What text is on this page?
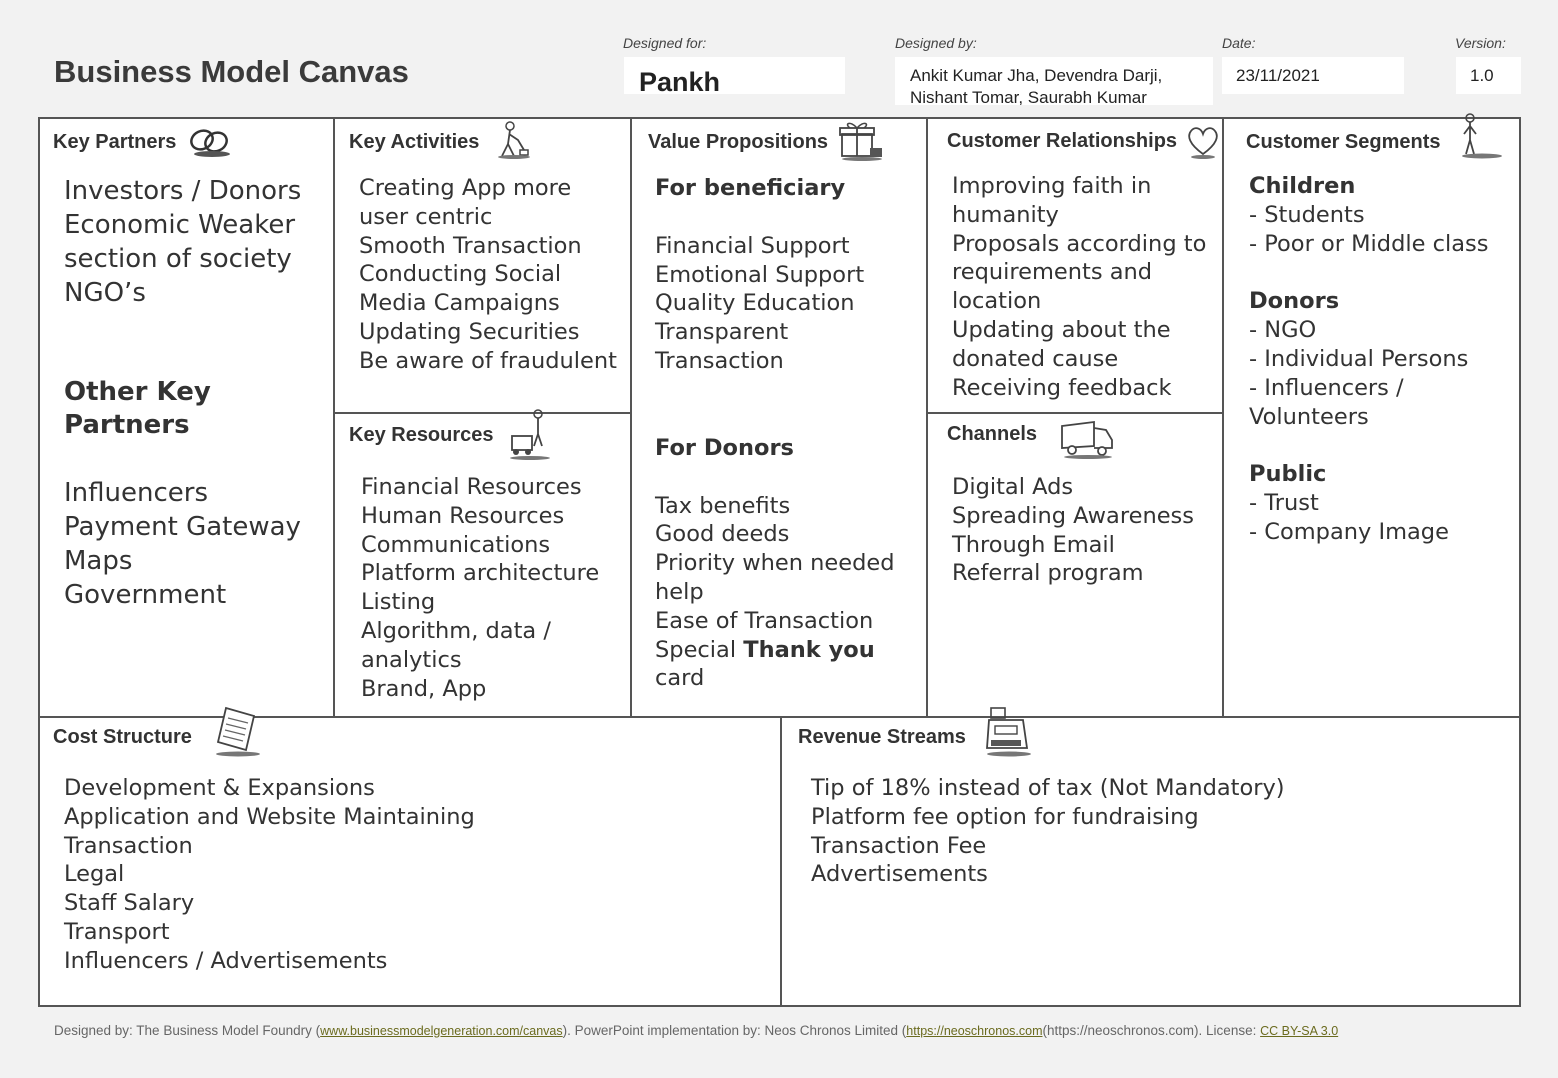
Business Model Canvas
Designed for:
Pankh
Designed by:
Ankit Kumar Jha, Devendra Darji,
Nishant Tomar, Saurabh Kumar
Date:
23/11/2021
Version:
1.0
Key Partners
Investors / Donors
Economic Weaker
section of society
NGO’s
Other Key
Partners
Influencers
Payment Gateway
Maps
Government
Key Activities
Creating App more
user centric
Smooth Transaction
Conducting Social
Media Campaigns
Updating Securities
Be aware of fraudulent
Key Resources
Financial Resources
Human Resources
Communications
Platform architecture
Listing
Algorithm, data /
analytics
Brand, App
Value Propositions
For beneficiary
Financial Support
Emotional Support
Quality Education
Transparent
Transaction
For Donors
Tax benefits
Good deeds
Priority when needed
help
Ease of Transaction
Special Thank you
card
Customer Relationships
Improving faith in
humanity
Proposals according to
requirements and
location
Updating about the
donated cause
Receiving feedback
Channels
Digital Ads
Spreading Awareness
Through Email
Referral program
Customer Segments
Children
- Students
- Poor or Middle class
Donors
- NGO
- Individual Persons
- Influencers /
Volunteers
Public
- Trust
- Company Image
Cost Structure
Development & Expansions
Application and Website Maintaining
Transaction
Legal
Staff Salary
Transport
Influencers / Advertisements
Revenue Streams
Tip of 18% instead of tax (Not Mandatory)
Platform fee option for fundraising
Transaction Fee
Advertisements
Designed by: The Business Model Foundry (www.businessmodelgeneration.com/canvas). PowerPoint implementation by: Neos Chronos Limited (https://neoschronos.com(https://neoschronos.com). License: CC BY-SA 3.0
